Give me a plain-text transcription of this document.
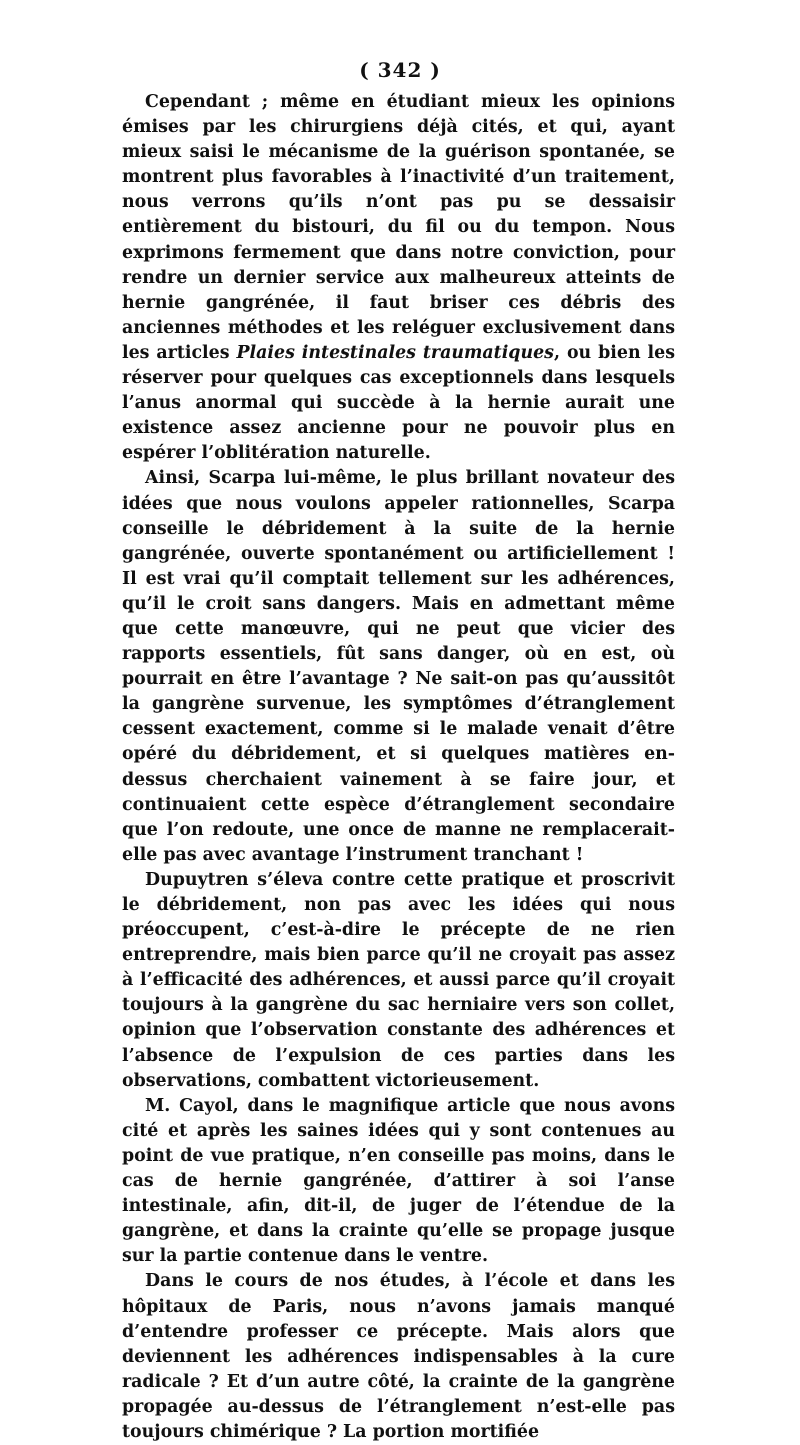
( 342 )

Cependant ; même en étudiant mieux les opinions émises par les chirurgiens déjà cités, et qui, ayant mieux saisi le mécanisme de la guérison spontanée, se montrent plus favorables à l’inactivité d’un traitement, nous verrons qu’ils n’ont pas pu se dessaisir entièrement du bistouri, du fil ou du tempon. Nous exprimons fermement que dans notre conviction, pour rendre un dernier service aux malheureux atteints de hernie gangrénée, il faut briser ces débris des anciennes méthodes et les reléguer exclusivement dans les articles Plaies intestinales traumatiques, ou bien les réserver pour quelques cas exceptionnels dans lesquels l’anus anormal qui succède à la hernie aurait une existence assez ancienne pour ne pouvoir plus en espérer l’oblitération naturelle.

Ainsi, Scarpa lui-même, le plus brillant novateur des idées que nous voulons appeler rationnelles, Scarpa conseille le débridement à la suite de la hernie gangrénée, ouverte spontanément ou artificiellement ! Il est vrai qu’il comptait tellement sur les adhérences, qu’il le croit sans dangers. Mais en admettant même que cette manœuvre, qui ne peut que vicier des rapports essentiels, fût sans danger, où en est, où pourrait en être l’avantage ? Ne sait-on pas qu’aussitôt la gangrène survenue, les symptômes d’étranglement cessent exactement, comme si le malade venait d’être opéré du débridement, et si quelques matières en-dessus cherchaient vainement à se faire jour, et continuaient cette espèce d’étranglement secondaire que l’on redoute, une once de manne ne remplacerait-elle pas avec avantage l’instrument tranchant !

Dupuytren s’éleva contre cette pratique et proscrivit le débridement, non pas avec les idées qui nous préoccupent, c’est-à-dire le précepte de ne rien entreprendre, mais bien parce qu’il ne croyait pas assez à l’efficacité des adhérences, et aussi parce qu’il croyait toujours à la gangrène du sac herniaire vers son collet, opinion que l’observation constante des adhérences et l’absence de l’expulsion de ces parties dans les observations, combattent victorieusement.

M. Cayol, dans le magnifique article que nous avons cité et après les saines idées qui y sont contenues au point de vue pratique, n’en conseille pas moins, dans le cas de hernie gangrénée, d’attirer à soi l’anse intestinale, afin, dit-il, de juger de l’étendue de la gangrène, et dans la crainte qu’elle se propage jusque sur la partie contenue dans le ventre.

Dans le cours de nos études, à l’école et dans les hôpitaux de Paris, nous n’avons jamais manqué d’entendre professer ce précepte. Mais alors que deviennent les adhérences indispensables à la cure radicale ? Et d’un autre côté, la crainte de la gangrène propagée au-dessus de l’étranglement n’est-elle pas toujours chimérique ? La portion mortifiée
